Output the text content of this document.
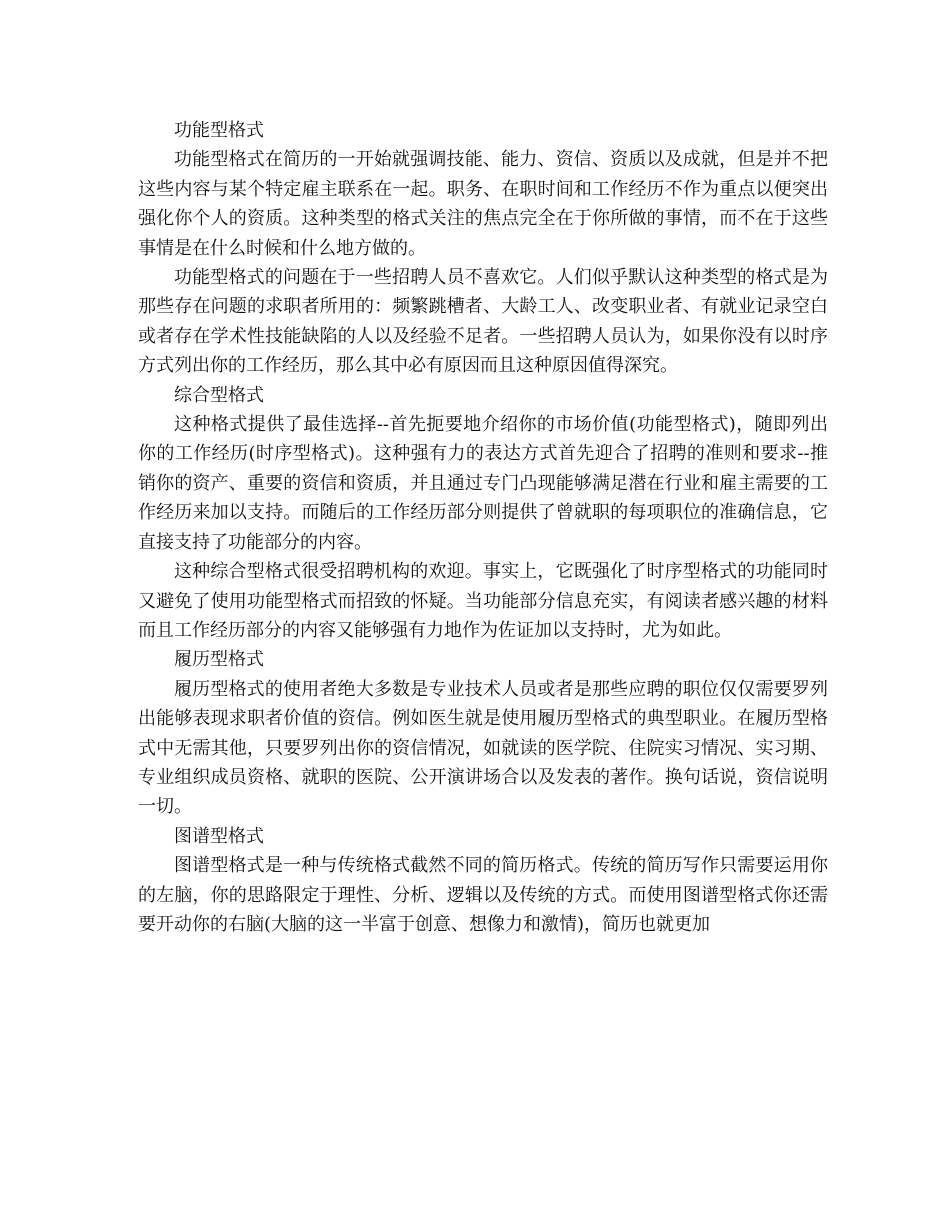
功能型格式

功能型格式在简历的一开始就强调技能、能力、资信、资质以及成就，但是并不把这些内容与某个特定雇主联系在一起。职务、在职时间和工作经历不作为重点以便突出强化你个人的资质。这种类型的格式关注的焦点完全在于你所做的事情，而不在于这些事情是在什么时候和什么地方做的。

功能型格式的问题在于一些招聘人员不喜欢它。人们似乎默认这种类型的格式是为那些存在问题的求职者所用的：频繁跳槽者、大龄工人、改变职业者、有就业记录空白或者存在学术性技能缺陷的人以及经验不足者。一些招聘人员认为，如果你没有以时序方式列出你的工作经历，那么其中必有原因而且这种原因值得深究。

综合型格式

这种格式提供了最佳选择--首先扼要地介绍你的市场价值(功能型格式)，随即列出你的工作经历(时序型格式)。这种强有力的表达方式首先迎合了招聘的准则和要求--推销你的资产、重要的资信和资质，并且通过专门凸现能够满足潜在行业和雇主需要的工作经历来加以支持。而随后的工作经历部分则提供了曾就职的每项职位的准确信息，它直接支持了功能部分的内容。

这种综合型格式很受招聘机构的欢迎。事实上，它既强化了时序型格式的功能同时又避免了使用功能型格式而招致的怀疑。当功能部分信息充实，有阅读者感兴趣的材料而且工作经历部分的内容又能够强有力地作为佐证加以支持时，尤为如此。

履历型格式

履历型格式的使用者绝大多数是专业技术人员或者是那些应聘的职位仅仅需要罗列出能够表现求职者价值的资信。例如医生就是使用履历型格式的典型职业。在履历型格式中无需其他，只要罗列出你的资信情况，如就读的医学院、住院实习情况、实习期、专业组织成员资格、就职的医院、公开演讲场合以及发表的著作。换句话说，资信说明一切。

图谱型格式

图谱型格式是一种与传统格式截然不同的简历格式。传统的简历写作只需要运用你的左脑，你的思路限定于理性、分析、逻辑以及传统的方式。而使用图谱型格式你还需要开动你的右脑(大脑的这一半富于创意、想像力和激情)，简历也就更加
